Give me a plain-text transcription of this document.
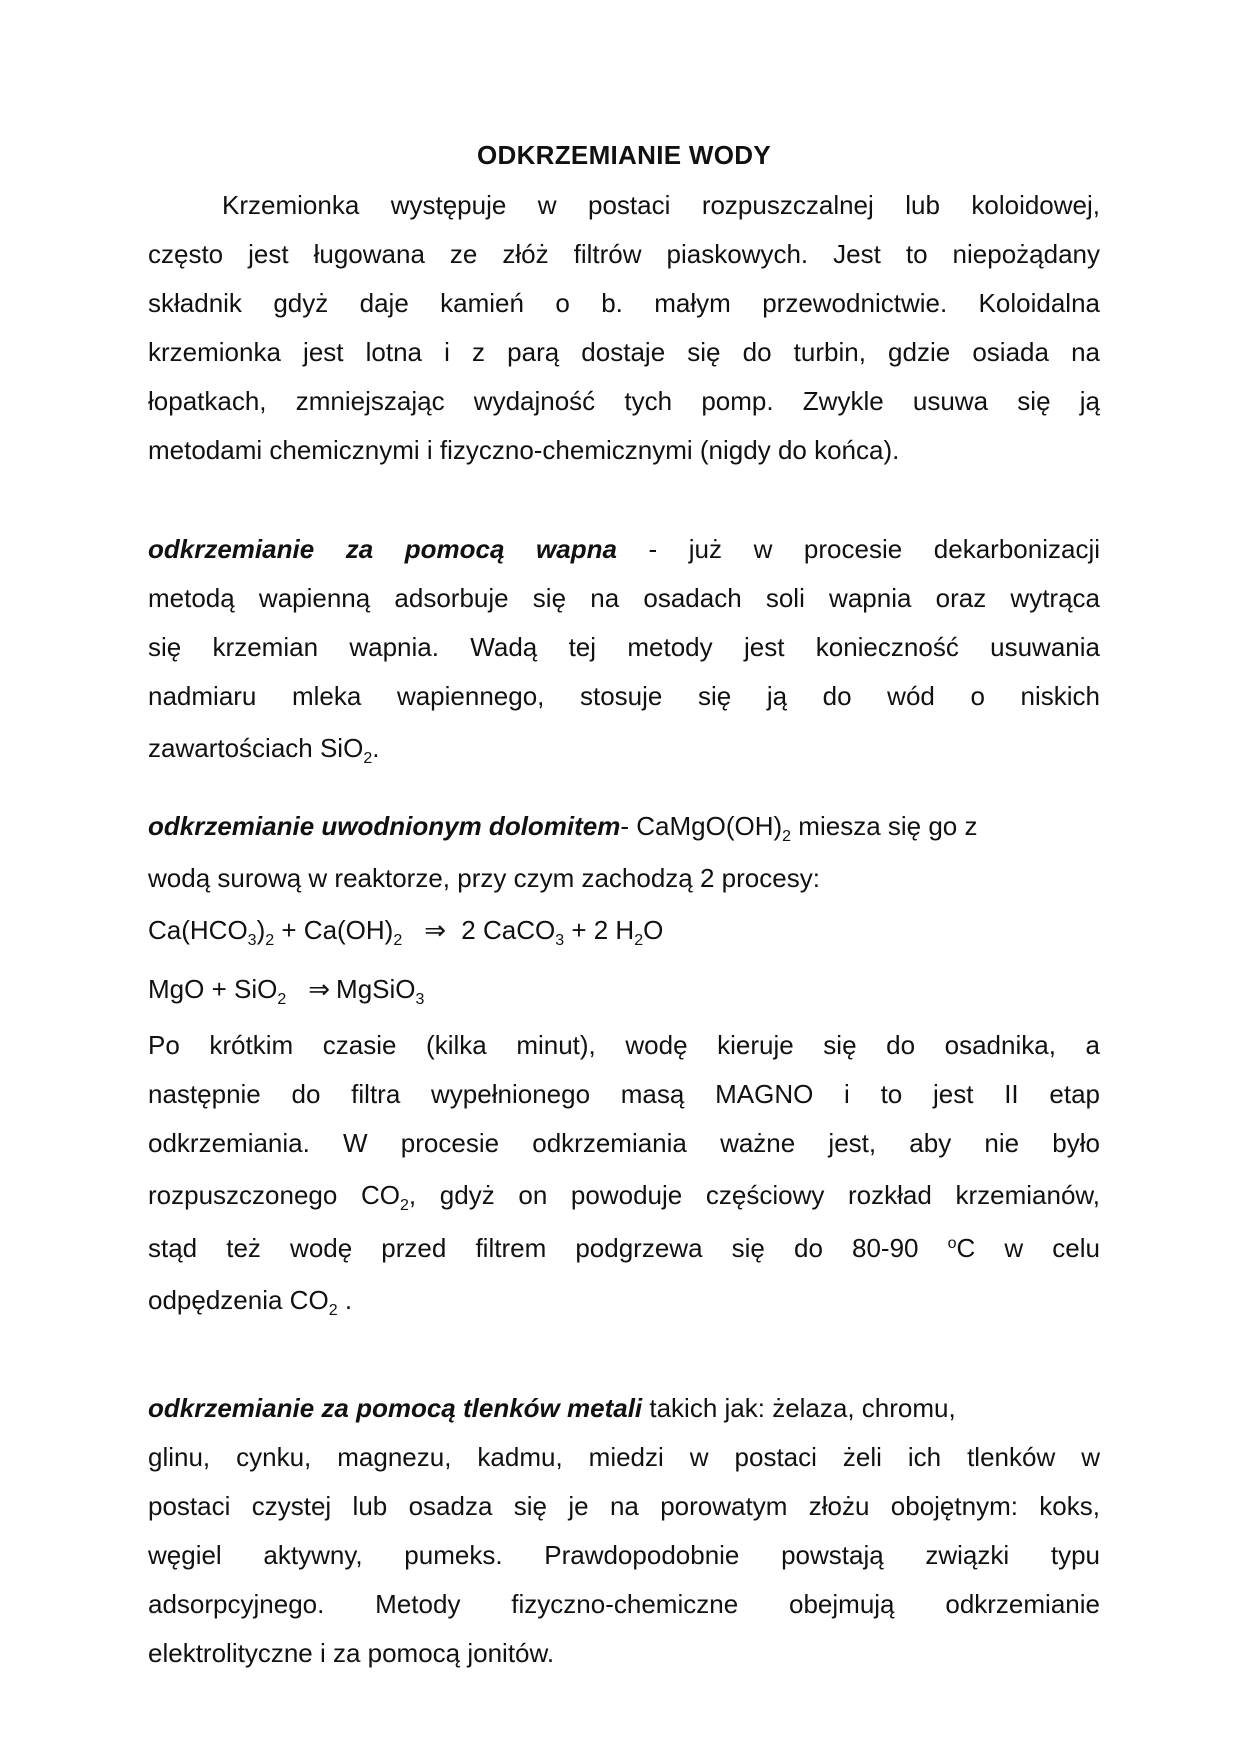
ODKRZEMIANIE WODY
Krzemionka występuje w postaci rozpuszczalnej lub koloidowej,
często jest ługowana ze złóż filtrów piaskowych. Jest to niepożądany
składnik gdyż daje kamień o b. małym przewodnictwie. Koloidalna
krzemionka jest lotna i z parą dostaje się do turbin, gdzie osiada na
łopatkach, zmniejszając wydajność tych pomp. Zwykle usuwa się ją
metodami chemicznymi i fizyczno-chemicznymi (nigdy do końca).
odkrzemianie za pomocą wapna - już w procesie dekarbonizacji
metodą wapienną adsorbuje się na osadach soli wapnia oraz wytrąca
się krzemian wapnia. Wadą tej metody jest konieczność usuwania
nadmiaru mleka wapiennego, stosuje się ją do wód o niskich
zawartościach SiO$_2$.
odkrzemianie uwodnionym dolomitem- $CaMgO(OH)_2$ miesza się go z
wodą surową w reaktorze, przy czym zachodzą 2 procesy:
$Ca(HCO_3)_2 + Ca(OH)_2$ ⇒ 2 CaCO$_3$ + 2 $H_2O$
MgO + SiO$_2$ ⇒ MgSiO$_3$
Po krótkim czasie (kilka minut), wodę kieruje się do osadnika, a
następnie do filtra wypełnionego masą MAGNO i to jest II etap
odkrzemiania. W procesie odkrzemiania ważne jest, aby nie było
rozpuszczonego $CO_2$, gdyż on powoduje częściowy rozkład krzemianów,
stąd też wodę przed filtrem podgrzewa się do 80-90 $^o$C w celu
odpędzenia $CO_2$ .
odkrzemianie za pomocą tlenków metali takich jak: żelaza, chromu,
glinu, cynku, magnezu, kadmu, miedzi w postaci żeli ich tlenków w
postaci czystej lub osadza się je na porowatym złożu obojętnym: koks,
węgiel aktywny, pumeks. Prawdopodobnie powstają związki typu
adsorpcyjnego. Metody fizyczno-chemiczne obejmują odkrzemianie
elektrolityczne i za pomocą jonitów.
